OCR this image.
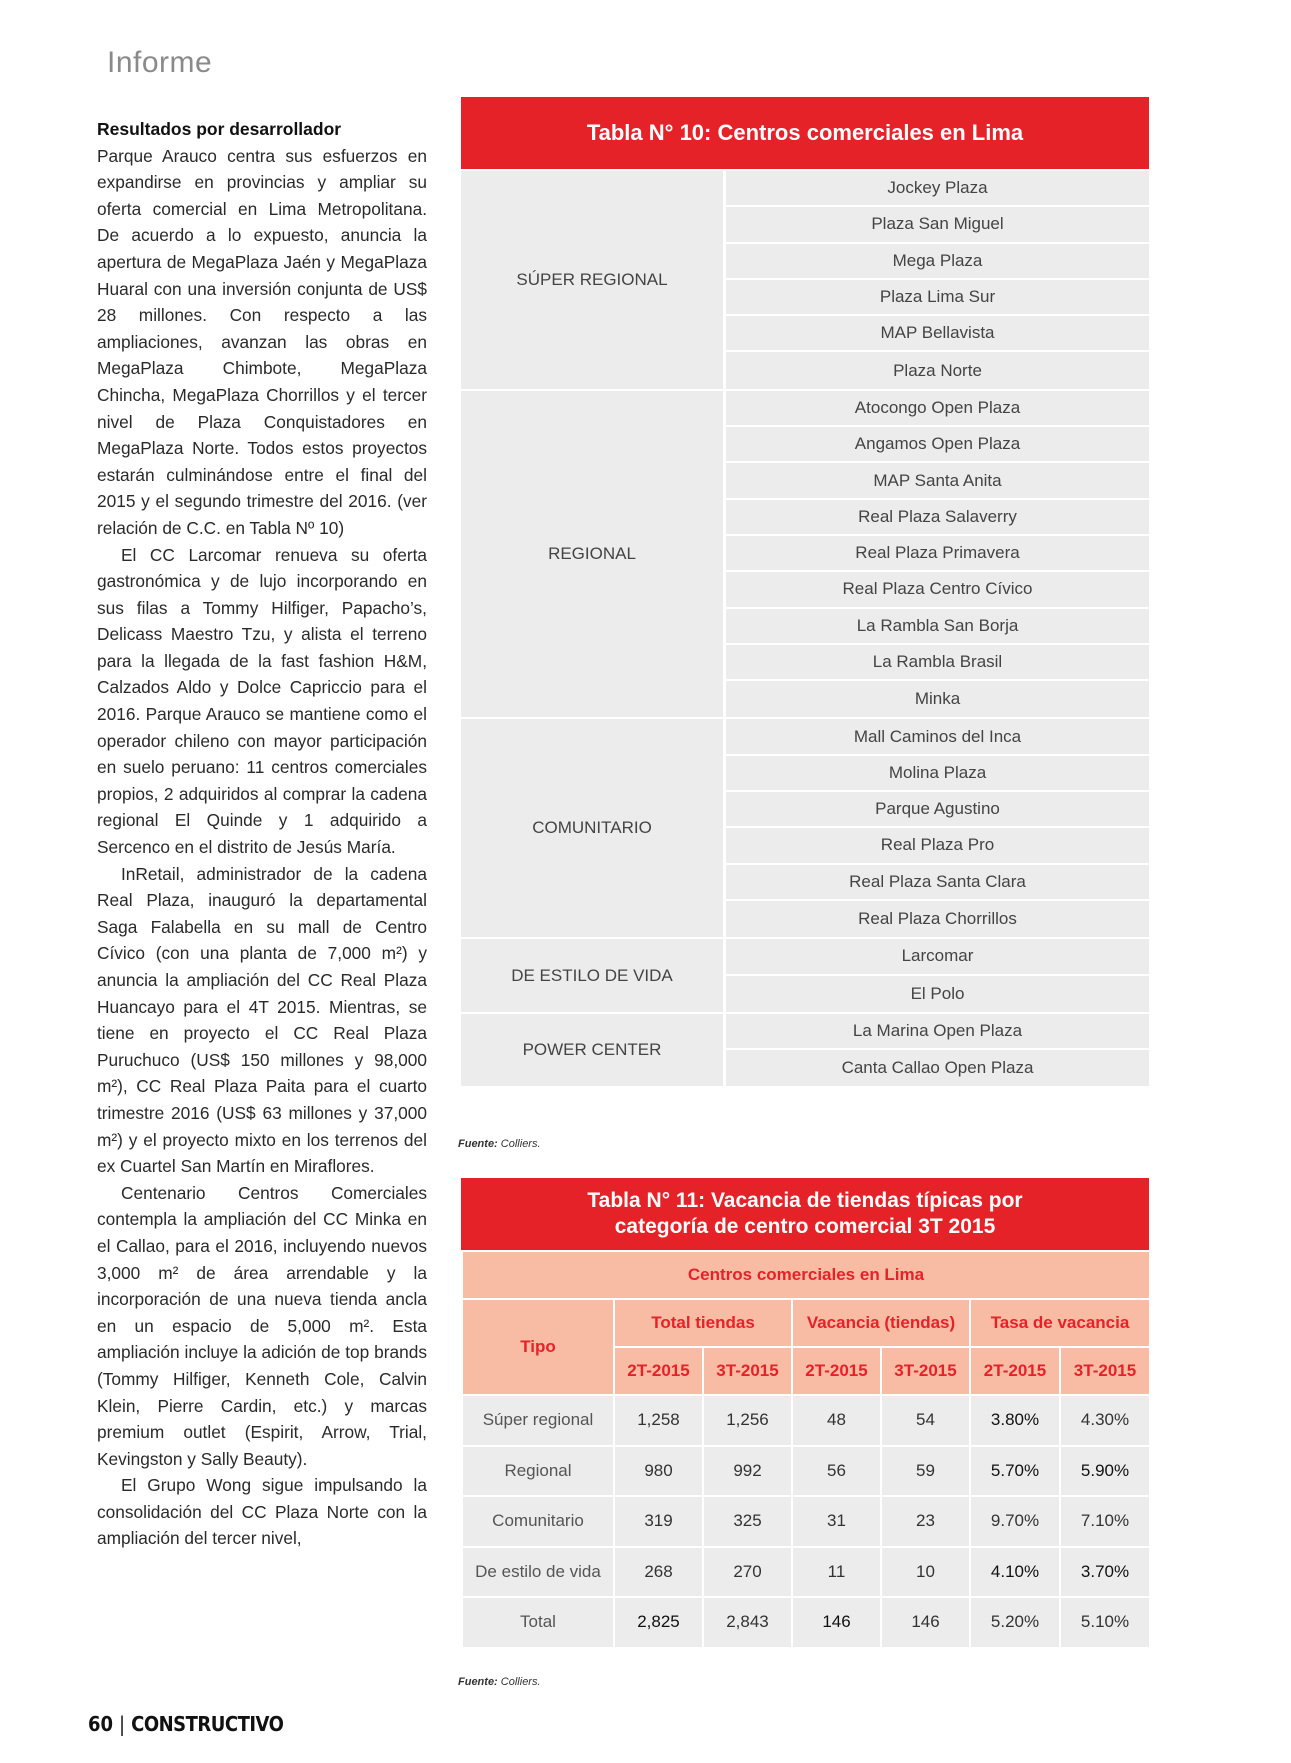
Informe
Resultados por desarrollador

Parque Arauco centra sus esfuerzos en expandirse en provincias y ampliar su oferta comercial en Lima Metropolitana. De acuerdo a lo expuesto, anuncia la apertura de MegaPlaza Jaén y MegaPlaza Huaral con una inversión conjunta de US$ 28 millones. Con respecto a las ampliaciones, avanzan las obras en MegaPlaza Chimbote, MegaPlaza Chincha, MegaPlaza Chorrillos y el tercer nivel de Plaza Conquistadores en MegaPlaza Norte. Todos estos proyectos estarán culminándose entre el final del 2015 y el segundo trimestre del 2016. (ver relación de C.C. en Tabla Nº 10)

El CC Larcomar renueva su oferta gastronómica y de lujo incorporando en sus filas a Tommy Hilfiger, Papacho’s, Delicass Maestro Tzu, y alista el terreno para la llegada de la fast fashion H&M, Calzados Aldo y Dolce Capriccio para el 2016. Parque Arauco se mantiene como el operador chileno con mayor participación en suelo peruano: 11 centros comerciales propios, 2 adquiridos al comprar la cadena regional El Quinde y 1 adquirido a Sercenco en el distrito de Jesús María.

InRetail, administrador de la cadena Real Plaza, inauguró la departamental Saga Falabella en su mall de Centro Cívico (con una planta de 7,000 m²) y anuncia la ampliación del CC Real Plaza Huancayo para el 4T 2015. Mientras, se tiene en proyecto el CC Real Plaza Puruchuco (US$ 150 millones y 98,000 m²), CC Real Plaza Paita para el cuarto trimestre 2016 (US$ 63 millones y 37,000 m²) y el proyecto mixto en los terrenos del ex Cuartel San Martín en Miraflores.

Centenario Centros Comerciales contempla la ampliación del CC Minka en el Callao, para el 2016, incluyendo nuevos 3,000 m² de área arrendable y la incorporación de una nueva tienda ancla en un espacio de 5,000 m². Esta ampliación incluye la adición de top brands (Tommy Hilfiger, Kenneth Cole, Calvin Klein, Pierre Cardin, etc.) y marcas premium outlet (Espirit, Arrow, Trial, Kevingston y Sally Beauty).

El Grupo Wong sigue impulsando la consolidación del CC Plaza Norte con la ampliación del tercer nivel,

Tabla N° 10: Centros comerciales en Lima
SÚPER REGIONAL
Jockey Plaza
Plaza San Miguel
Mega Plaza
Plaza Lima Sur
MAP Bellavista
Plaza Norte
REGIONAL
Atocongo Open Plaza
Angamos Open Plaza
MAP Santa Anita
Real Plaza Salaverry
Real Plaza Primavera
Real Plaza Centro Cívico
La Rambla San Borja
La Rambla Brasil
Minka
COMUNITARIO
Mall Caminos del Inca
Molina Plaza
Parque Agustino
Real Plaza Pro
Real Plaza Santa Clara
Real Plaza Chorrillos
DE ESTILO DE VIDA
Larcomar
El Polo
POWER CENTER
La Marina Open Plaza
Canta Callao Open Plaza
Fuente: Colliers.
Tabla N° 11: Vacancia de tiendas típicas por
categoría de centro comercial 3T 2015
Centros comerciales en Lima						
Tipo	Total tiendas		Vacancia (tiendas)		Tasa de vacancia	
	2T-2015	3T-2015	2T-2015	3T-2015	2T-2015	3T-2015
Súper regional	1,258	1,256	48	54	3.80%	4.30%
Regional	980	992	56	59	5.70%	5.90%
Comunitario	319	325	31	23	9.70%	7.10%
De estilo de vida	268	270	11	10	4.10%	3.70%
Total	2,825	2,843	146	146	5.20%	5.10%
Fuente: Colliers.
60 | CONSTRUCTIVO
